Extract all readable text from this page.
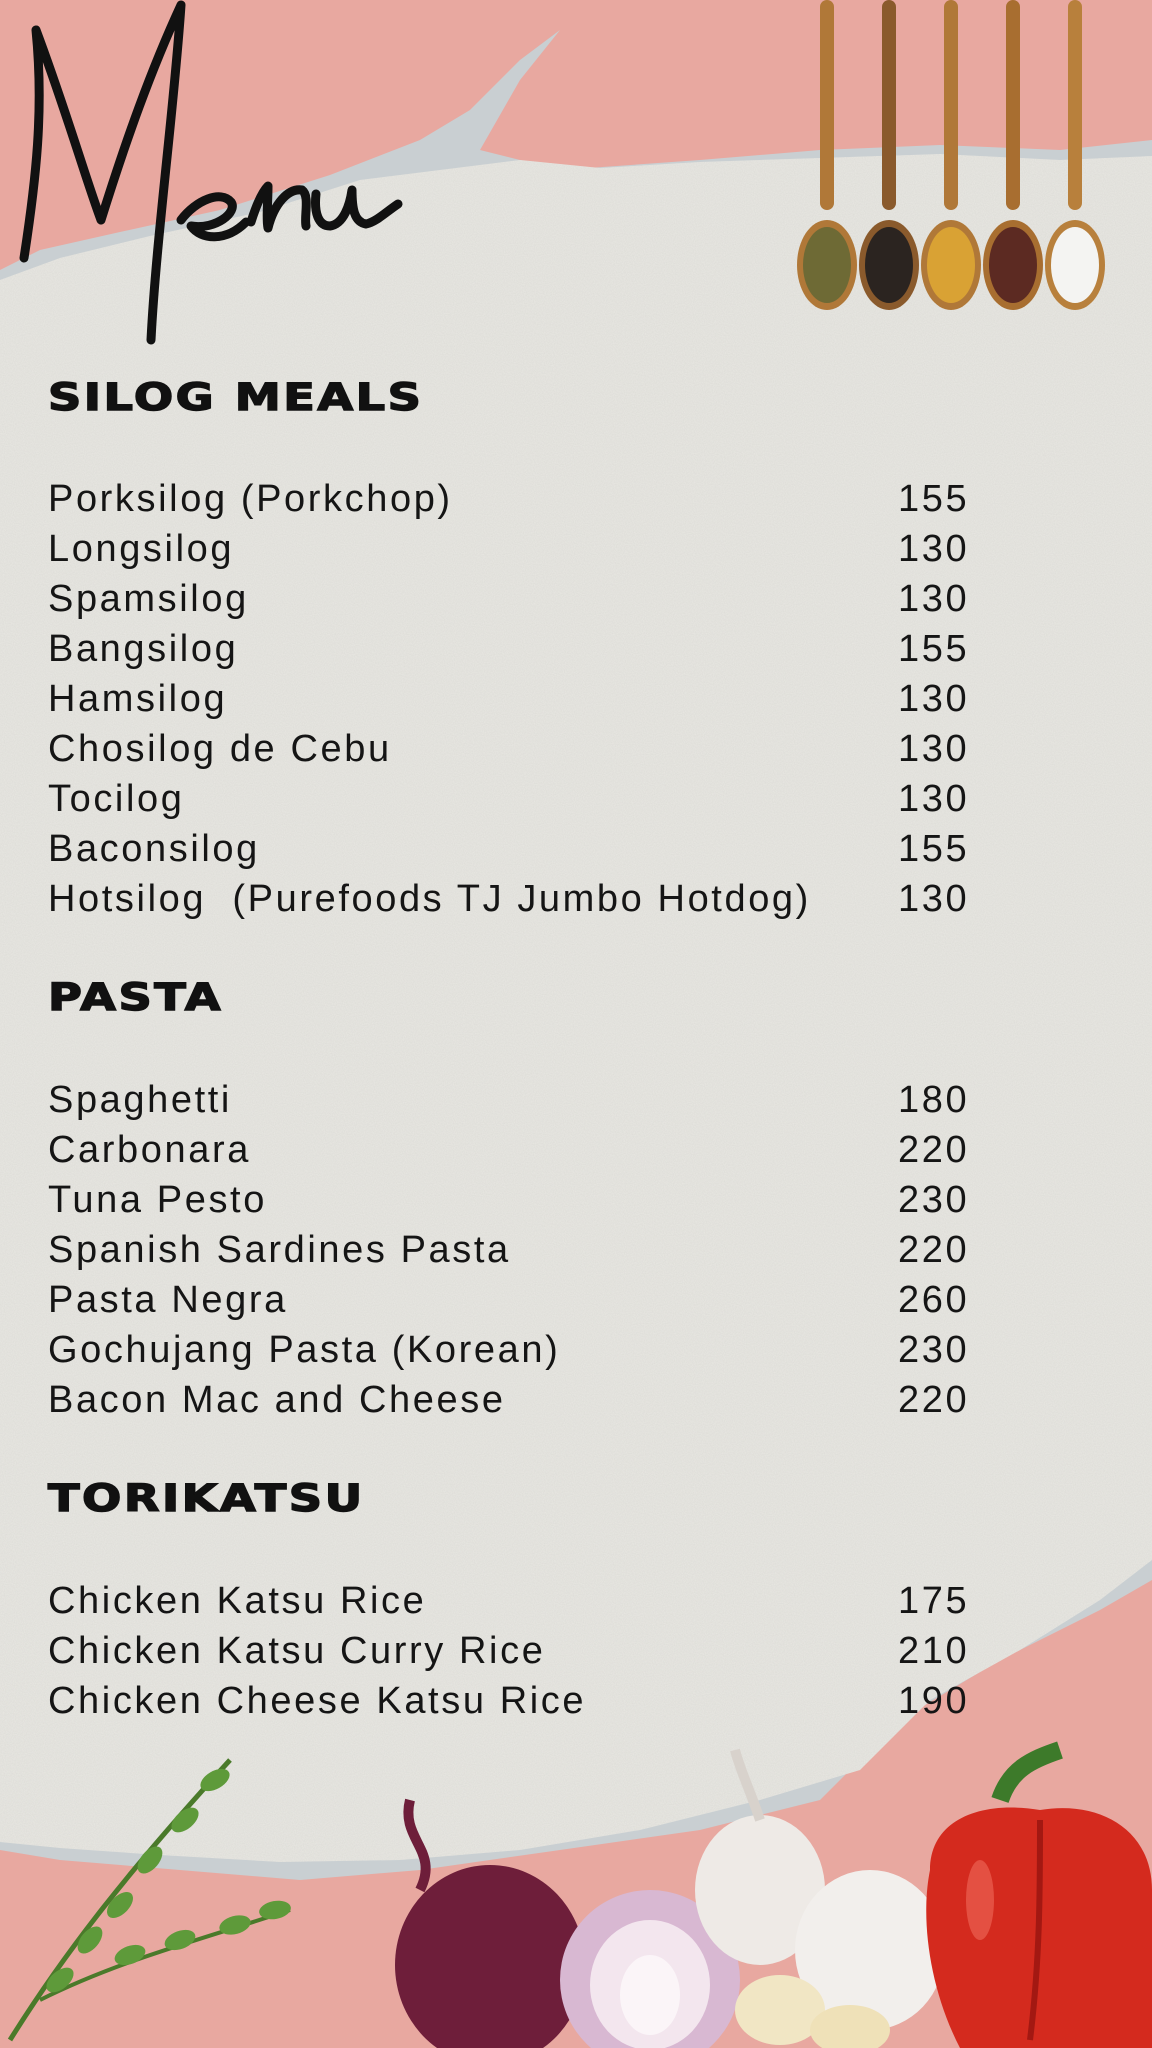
SILOG MEALS
Porksilog (Porkchop)	155
Longsilog	130
Spamsilog	130
Bangsilog	155
Hamsilog	130
Chosilog de Cebu	130
Tocilog	130
Baconsilog	155
Hotsilog  (Purefoods TJ Jumbo Hotdog) 130
PASTA
Spaghetti	180
Carbonara	220
Tuna Pesto	230
Spanish Sardines Pasta	220
Pasta Negra	260
Gochujang Pasta (Korean)	230
Bacon Mac and Cheese	220
TORIKATSU
Chicken Katsu Rice	175
Chicken Katsu Curry Rice	210
Chicken Cheese Katsu Rice	190
